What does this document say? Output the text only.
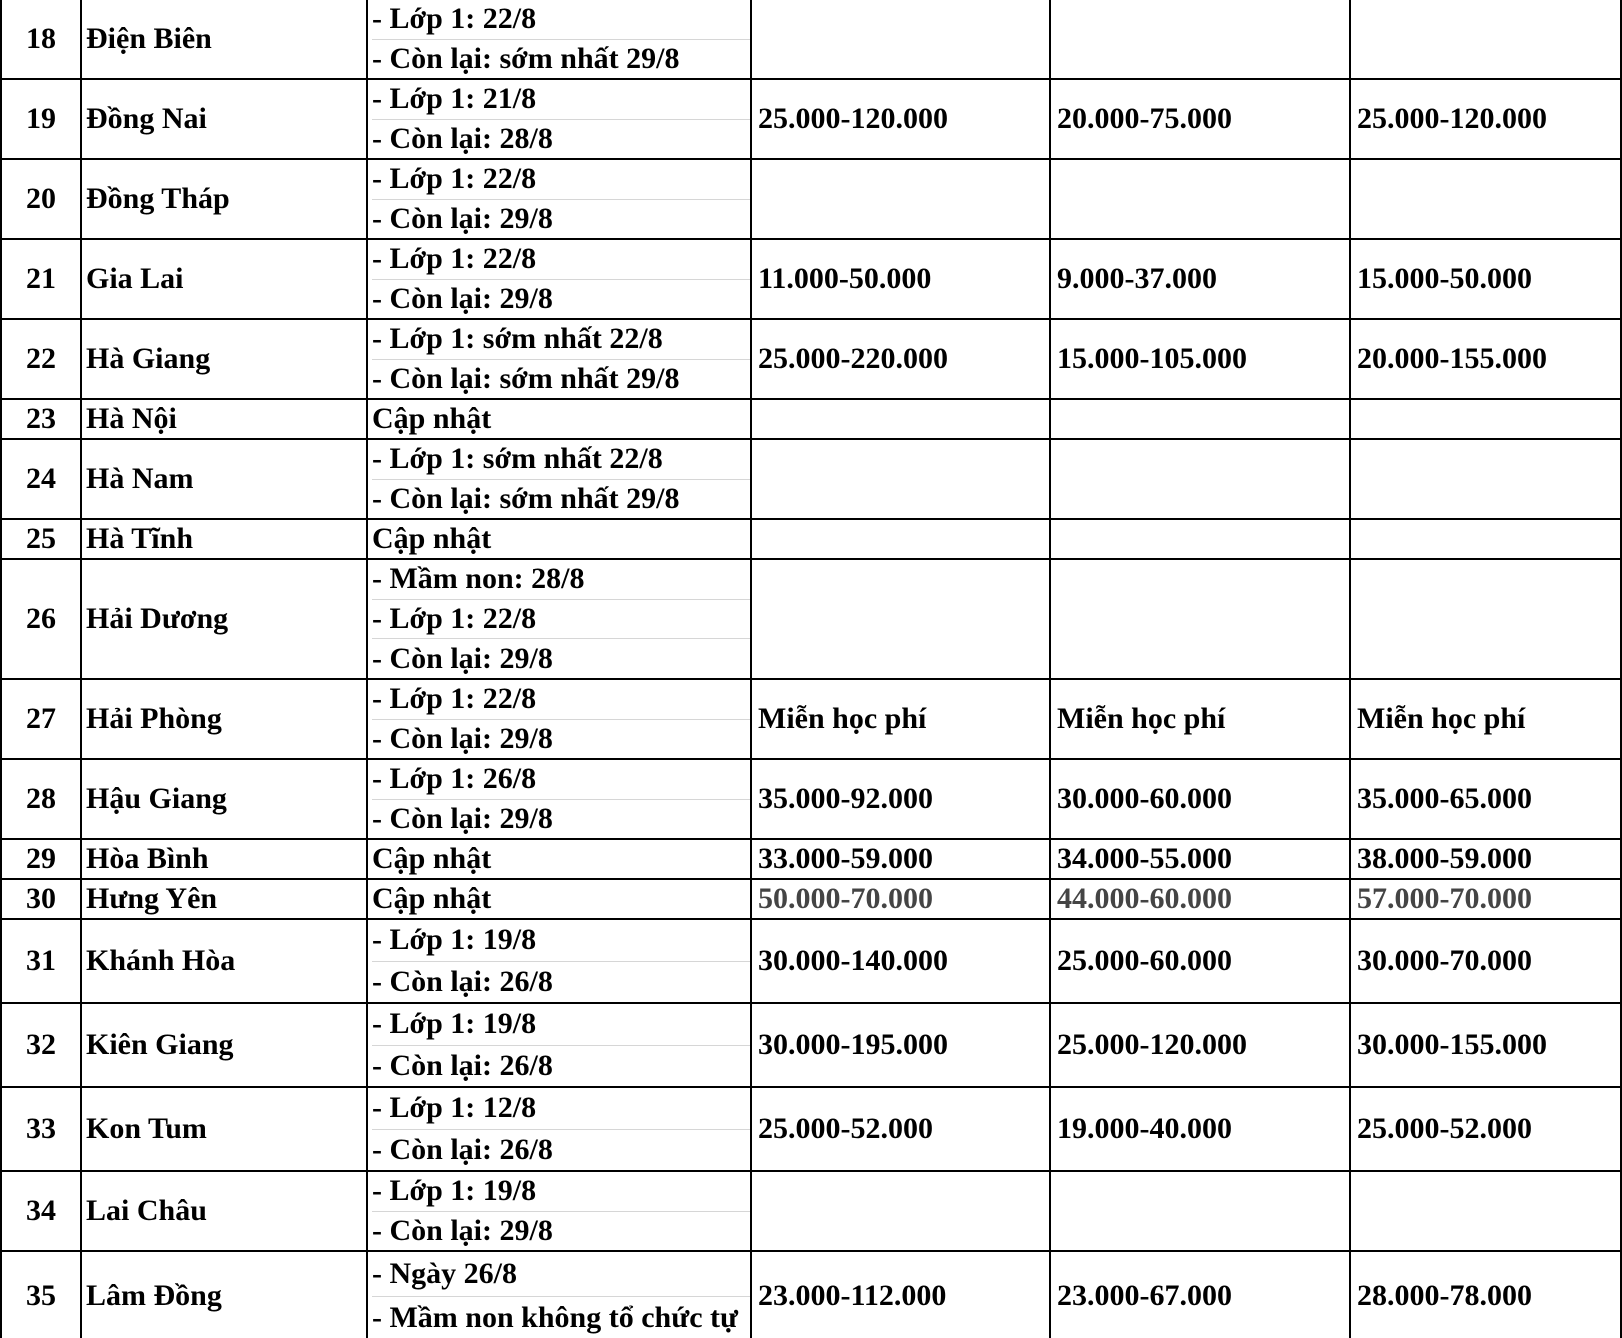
18	Điện Biên
- Lớp 1: 22/8
- Còn lại: sớm nhất 29/8
19	Đồng Nai
- Lớp 1: 21/8
- Còn lại: 28/8
25.000-120.000	20.000-75.000	25.000-120.000
20	Đồng Tháp
- Lớp 1: 22/8
- Còn lại: 29/8
21	Gia Lai
- Lớp 1: 22/8
- Còn lại: 29/8
11.000-50.000	9.000-37.000	15.000-50.000
22	Hà Giang
- Lớp 1: sớm nhất 22/8
- Còn lại: sớm nhất 29/8
25.000-220.000	15.000-105.000	20.000-155.000
23	Hà Nội	Cập nhật
24	Hà Nam
- Lớp 1: sớm nhất 22/8
- Còn lại: sớm nhất 29/8
25	Hà Tĩnh	Cập nhật
26	Hải Dương
- Mầm non: 28/8
- Lớp 1: 22/8
- Còn lại: 29/8
27	Hải Phòng
- Lớp 1: 22/8
- Còn lại: 29/8
Miễn học phí	Miễn học phí	Miễn học phí
28	Hậu Giang
- Lớp 1: 26/8
- Còn lại: 29/8
35.000-92.000	30.000-60.000	35.000-65.000
29	Hòa Bình	Cập nhật	33.000-59.000	34.000-55.000	38.000-59.000
30	Hưng Yên	Cập nhật	50.000-70.000	44.000-60.000	57.000-70.000
31	Khánh Hòa
- Lớp 1: 19/8
- Còn lại: 26/8
30.000-140.000	25.000-60.000	30.000-70.000
32	Kiên Giang
- Lớp 1: 19/8
- Còn lại: 26/8
30.000-195.000	25.000-120.000	30.000-155.000
33	Kon Tum
- Lớp 1: 12/8
- Còn lại: 26/8
25.000-52.000	19.000-40.000	25.000-52.000
34	Lai Châu
- Lớp 1: 19/8
- Còn lại: 29/8
35	Lâm Đồng
- Ngày 26/8
- Mầm non không tổ chức tự
23.000-112.000	23.000-67.000	28.000-78.000
